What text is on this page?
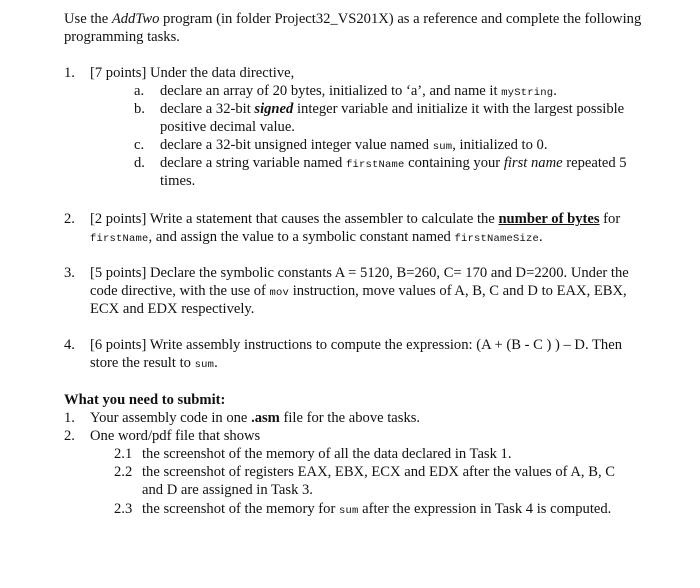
Use the AddTwo program (in folder Project32_VS201X) as a reference and complete the following
programming tasks.
1. [7 points] Under the data directive,
a. declare an array of 20 bytes, initialized to ‘a’, and name it myString.
b. declare a 32-bit signed integer variable and initialize it with the largest possible
positive decimal value.
c. declare a 32-bit unsigned integer value named sum, initialized to 0.
d. declare a string variable named firstName containing your first name repeated 5
times.
2. [2 points] Write a statement that causes the assembler to calculate the number of bytes for
firstName, and assign the value to a symbolic constant named firstNameSize.
3. [5 points] Declare the symbolic constants A = 5120, B=260, C= 170 and D=2200. Under the
code directive, with the use of mov instruction, move values of A, B, C and D to EAX, EBX,
ECX and EDX respectively.
4. [6 points] Write assembly instructions to compute the expression: (A + (B - C ) ) – D. Then
store the result to sum.
What you need to submit:
1. Your assembly code in one .asm file for the above tasks.
2. One word/pdf file that shows
2.1 the screenshot of the memory of all the data declared in Task 1.
2.2 the screenshot of registers EAX, EBX, ECX and EDX after the values of A, B, C
and D are assigned in Task 3.
2.3 the screenshot of the memory for sum after the expression in Task 4 is computed.
